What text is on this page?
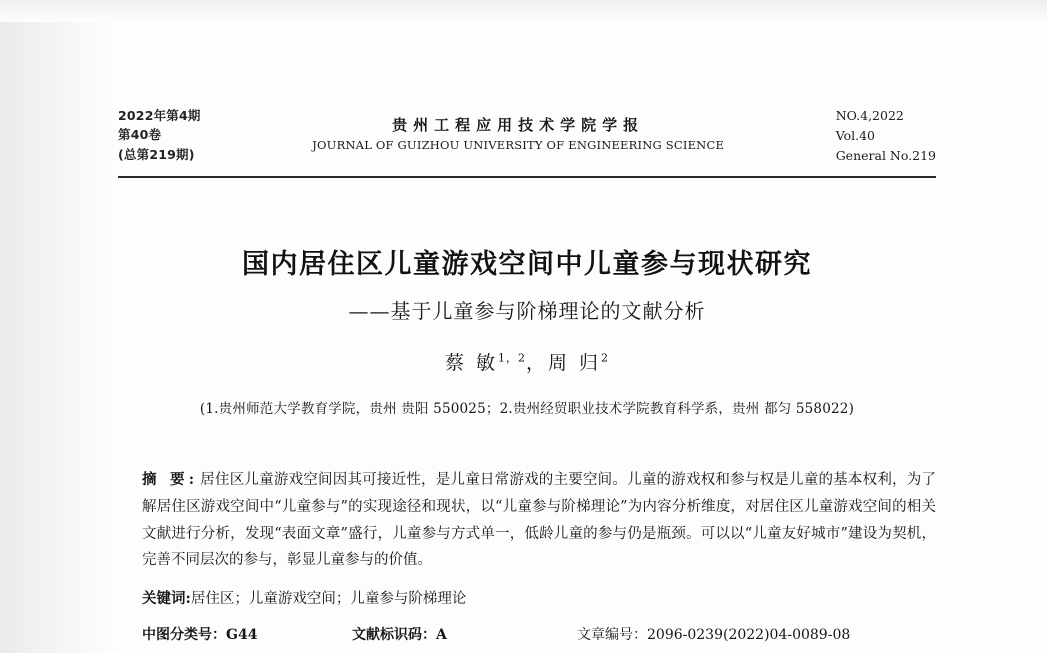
2022年第4期
第40卷
(总第219期)
贵州工程应用技术学院学报
JOURNAL OF GUIZHOU UNIVERSITY OF ENGINEERING SCIENCE
NO.4,2022
Vol.40
General No.219
国内居住区儿童游戏空间中儿童参与现状研究
——基于儿童参与阶梯理论的文献分析
蔡 敏$^{1,2}$，周 归$^2$
(1.贵州师范大学教育学院，贵州 贵阳 550025；2.贵州经贸职业技术学院教育科学系，贵州 都匀 558022)
摘 要: 居住区儿童游戏空间因其可接近性，是儿童日常游戏的主要空间。儿童的游戏权和参与权是儿童的基本权利，为了解居住区游戏空间中“儿童参与”的实现途径和现状，以“儿童参与阶梯理论”为内容分析维度，对居住区儿童游戏空间的相关文献进行分析，发现“表面文章”盛行，儿童参与方式单一，低龄儿童的参与仍是瓶颈。可以以“儿童友好城市”建设为契机，完善不同层次的参与，彰显儿童参与的价值。
关键词:居住区；儿童游戏空间；儿童参与阶梯理论
中图分类号：G44	文献标识码：A	文章编号：2096-0239(2022)04-0089-08
